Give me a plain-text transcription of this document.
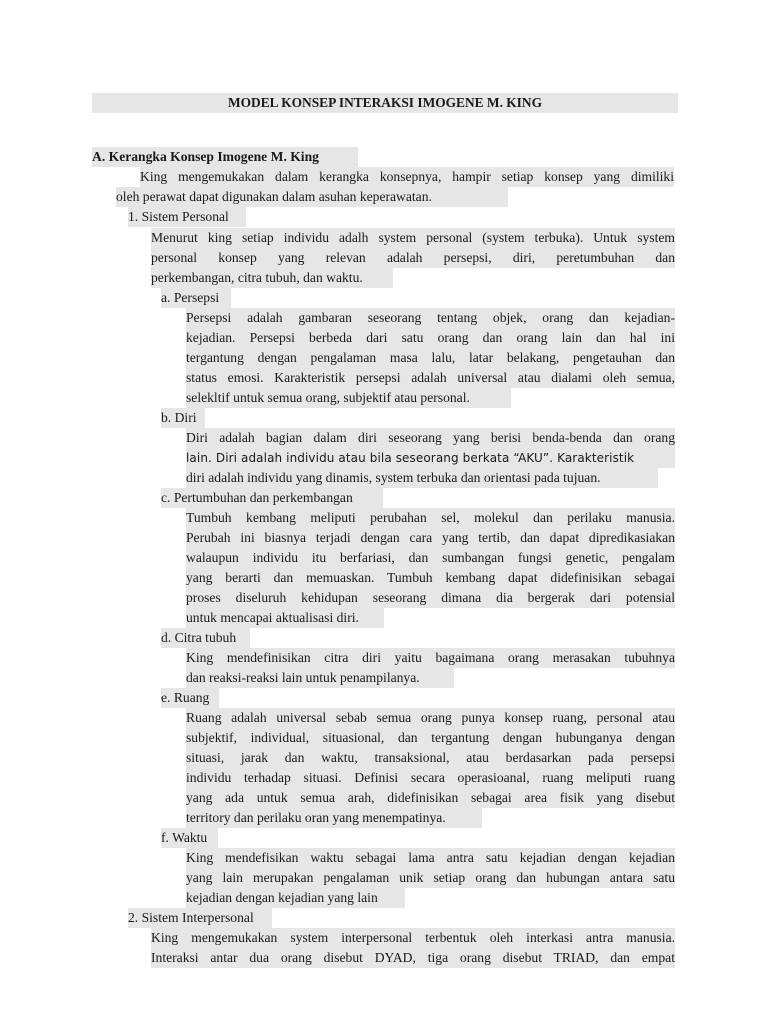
MODEL KONSEP INTERAKSI IMOGENE M. KING
A. Kerangka Konsep Imogene M. King
King mengemukakan dalam kerangka konsepnya, hampir setiap konsep yang dimiliki
oleh perawat dapat digunakan dalam asuhan keperawatan.
1. Sistem Personal
Menurut king setiap individu adalh system personal (system terbuka). Untuk system
personal konsep yang relevan adalah persepsi, diri, peretumbuhan dan
perkembangan, citra tubuh, dan waktu.
a. Persepsi
Persepsi adalah gambaran seseorang tentang objek, orang dan kejadian-
kejadian. Persepsi berbeda dari satu orang dan orang lain dan hal ini
tergantung dengan pengalaman masa lalu, latar belakang, pengetauhan dan
status emosi. Karakteristik persepsi adalah universal atau dialami oleh semua,
selekltif untuk semua orang, subjektif atau personal.
b. Diri
Diri adalah bagian dalam diri seseorang yang berisi benda-benda dan orang
lain. Diri adalah individu atau bila seseorang berkata “AKU”. Karakteristik
diri adalah individu yang dinamis, system terbuka dan orientasi pada tujuan.
c. Pertumbuhan dan perkembangan
Tumbuh kembang meliputi perubahan sel, molekul dan perilaku manusia.
Perubah ini biasnya terjadi dengan cara yang tertib, dan dapat dipredikasiakan
walaupun individu itu berfariasi, dan sumbangan fungsi genetic, pengalam
yang berarti dan memuaskan. Tumbuh kembang dapat didefinisikan sebagai
proses diseluruh kehidupan seseorang dimana dia bergerak dari potensial
untuk mencapai aktualisasi diri.
d. Citra tubuh
King mendefinisikan citra diri yaitu bagaimana orang merasakan tubuhnya
dan reaksi-reaksi lain untuk penampilanya.
e. Ruang
Ruang adalah universal sebab semua orang punya konsep ruang, personal atau
subjektif, individual, situasional, dan tergantung dengan hubunganya dengan
situasi, jarak dan waktu, transaksional, atau berdasarkan pada persepsi
individu terhadap situasi. Definisi secara operasioanal, ruang meliputi ruang
yang ada untuk semua arah, didefinisikan sebagai area fisik yang disebut
territory dan perilaku oran yang menempatinya.
f. Waktu
King mendefisikan waktu sebagai lama antra satu kejadian dengan kejadian
yang lain merupakan pengalaman unik setiap orang dan hubungan antara satu
kejadian dengan kejadian yang lain
2. Sistem Interpersonal
King mengemukakan system interpersonal terbentuk oleh interkasi antra manusia.
Interaksi antar dua orang disebut DYAD, tiga orang disebut TRIAD, dan empat
